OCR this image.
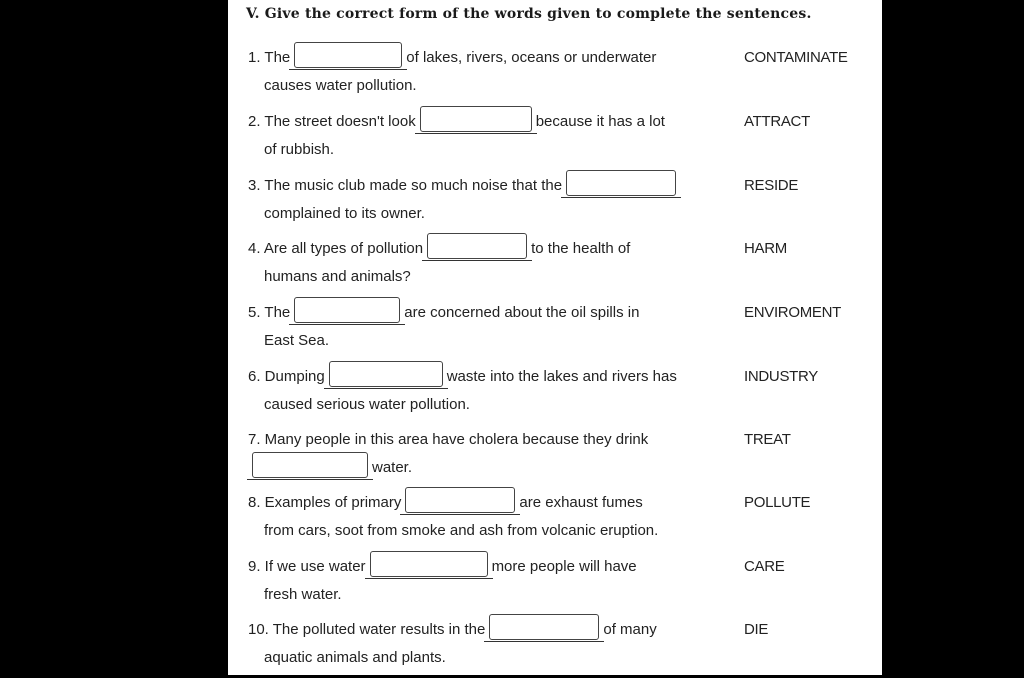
V. Give the correct form of the words given to complete the sentences.
1. The	of lakes, rivers, oceans or underwater
causes water pollution.
CONTAMINATE
2. The street doesn't look	because it has a lot
of rubbish.
ATTRACT
3. The music club made so much noise that the
complained to its owner.
RESIDE
4. Are all types of pollution	to the health of
humans and animals?
HARM
5. The	are concerned about the oil spills in
East Sea.
ENVIROMENT
6. Dumping	waste into the lakes and rivers has
caused serious water pollution.
INDUSTRY
7. Many people in this area have cholera because they drink
water.
TREAT
8. Examples of primary	are exhaust fumes
from cars, soot from smoke and ash from volcanic eruption.
POLLUTE
9. If we use water	more people will have
fresh water.
CARE
10. The polluted water results in the	of many
aquatic animals and plants.
DIE
